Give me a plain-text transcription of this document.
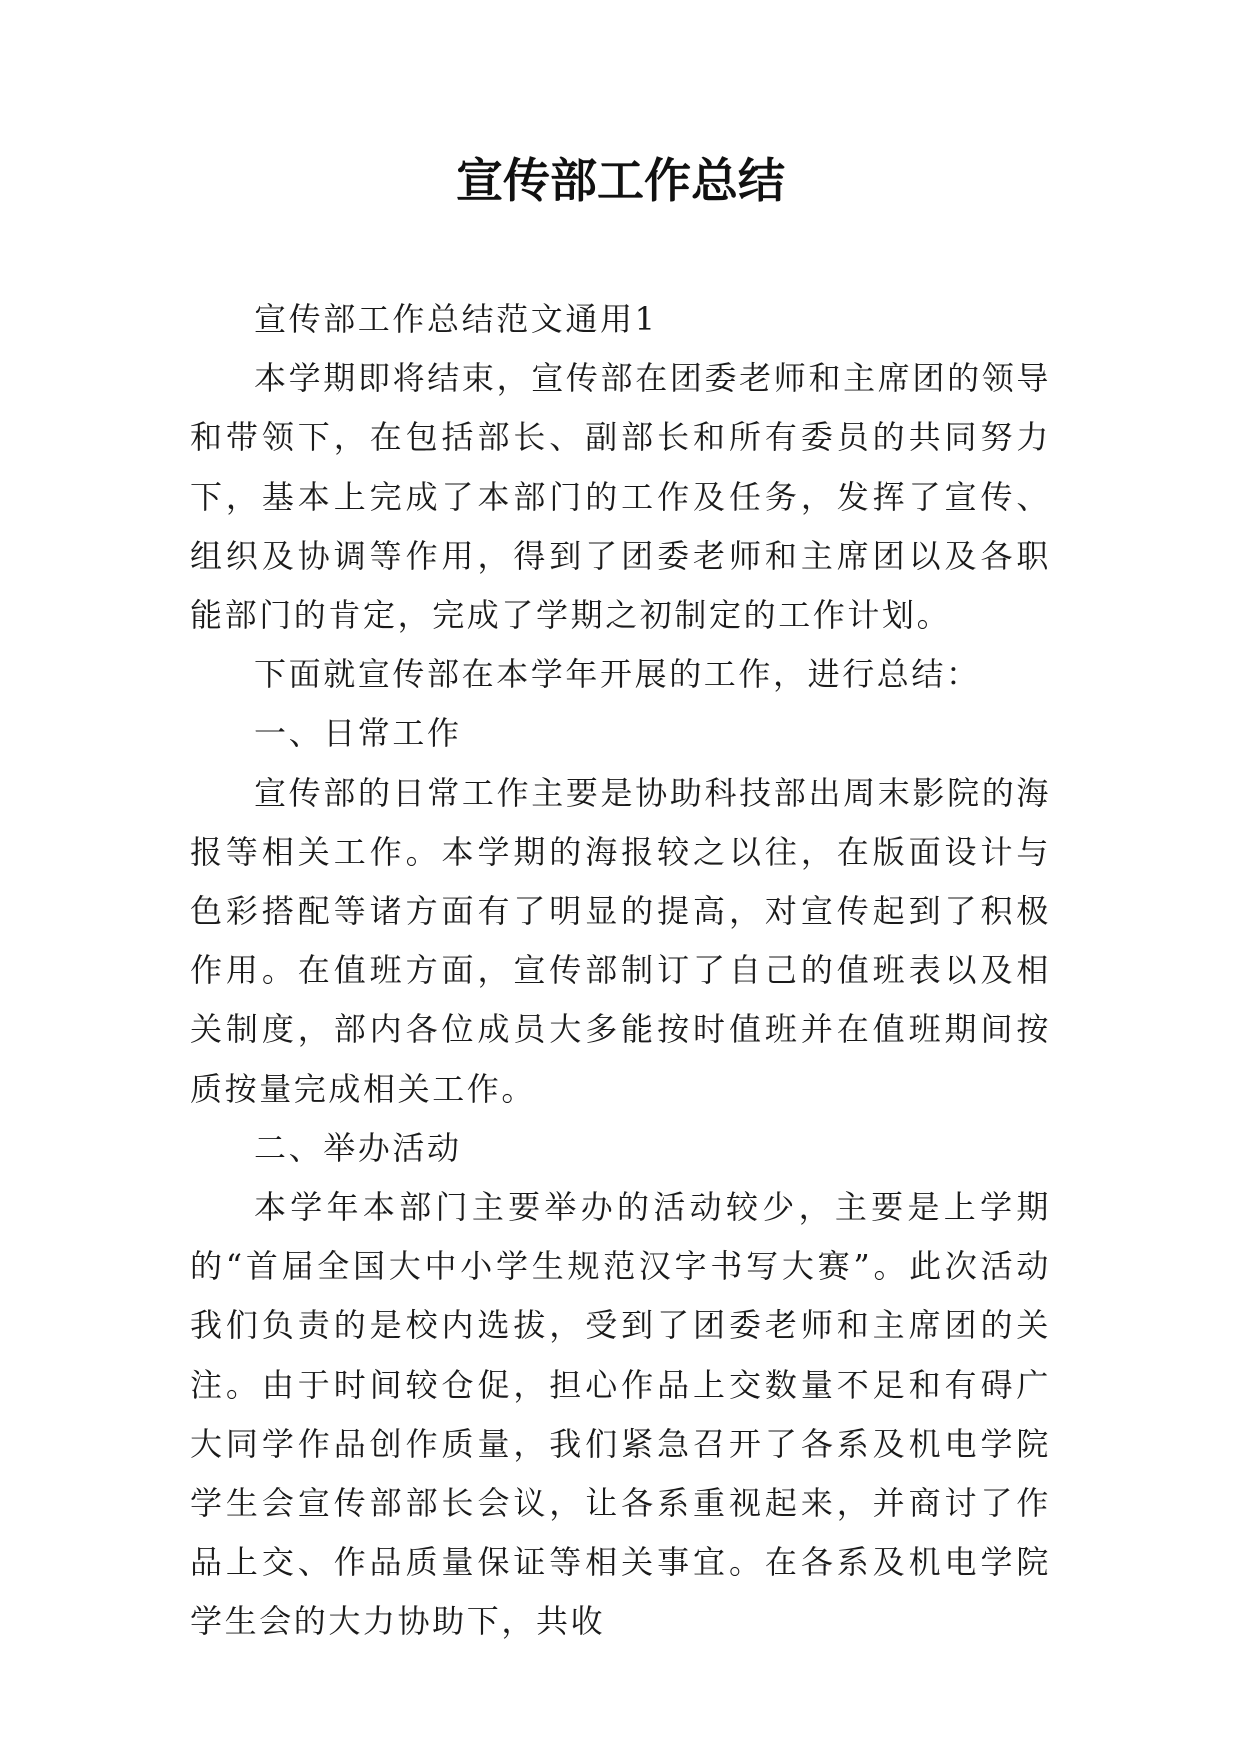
宣传部工作总结

宣传部工作总结范文通用1

本学期即将结束，宣传部在团委老师和主席团的领导和带领下，在包括部长、副部长和所有委员的共同努力下，基本上完成了本部门的工作及任务，发挥了宣传、组织及协调等作用，得到了团委老师和主席团以及各职能部门的肯定，完成了学期之初制定的工作计划。

下面就宣传部在本学年开展的工作，进行总结：

一、日常工作

宣传部的日常工作主要是协助科技部出周末影院的海报等相关工作。本学期的海报较之以往，在版面设计与色彩搭配等诸方面有了明显的提高，对宣传起到了积极作用。在值班方面，宣传部制订了自己的值班表以及相关制度，部内各位成员大多能按时值班并在值班期间按质按量完成相关工作。

二、举办活动

本学年本部门主要举办的活动较少，主要是上学期的“首届全国大中小学生规范汉字书写大赛”。此次活动我们负责的是校内选拔，受到了团委老师和主席团的关注。由于时间较仓促，担心作品上交数量不足和有碍广大同学作品创作质量，我们紧急召开了各系及机电学院学生会宣传部部长会议，让各系重视起来，并商讨了作品上交、作品质量保证等相关事宜。在各系及机电学院学生会的大力协助下，共收
